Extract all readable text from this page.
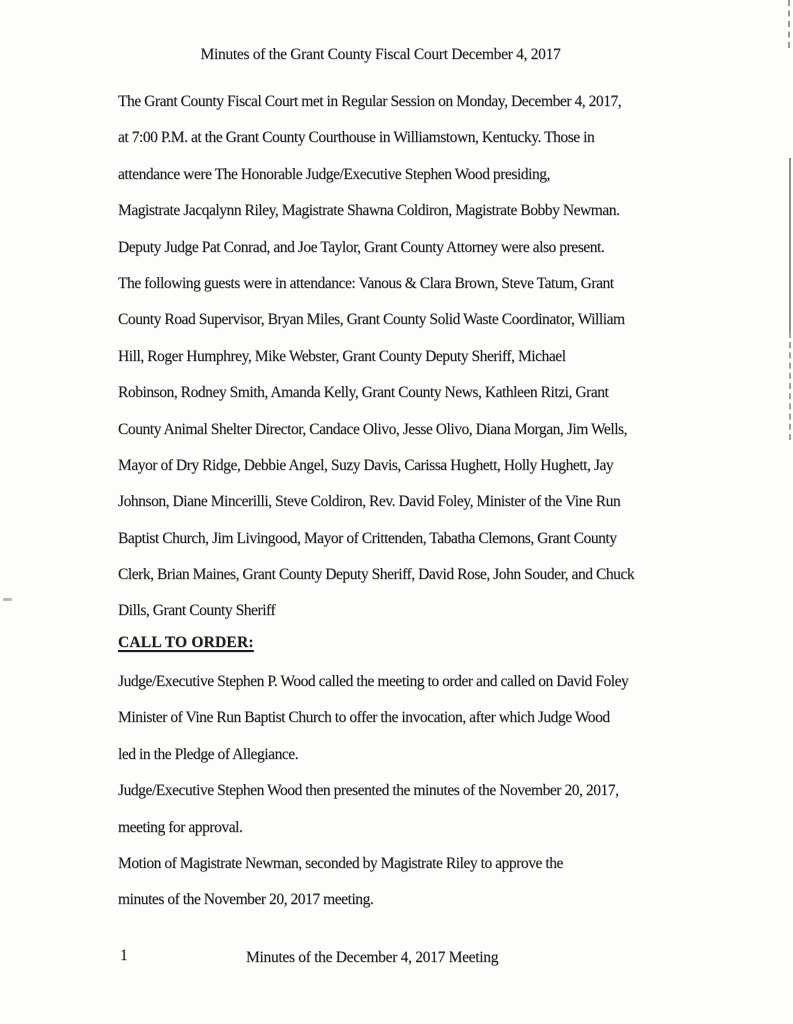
Minutes of the Grant County Fiscal Court December 4, 2017
The Grant County Fiscal Court met in Regular Session on Monday, December 4, 2017,
at 7:00 P.M. at the Grant County Courthouse in Williamstown, Kentucky. Those in
attendance were The Honorable Judge/Executive Stephen Wood presiding,
Magistrate Jacqalynn Riley, Magistrate Shawna Coldiron, Magistrate Bobby Newman.
Deputy Judge Pat Conrad, and Joe Taylor, Grant County Attorney were also present.
The following guests were in attendance: Vanous & Clara Brown, Steve Tatum, Grant
County Road Supervisor, Bryan Miles, Grant County Solid Waste Coordinator, William
Hill, Roger Humphrey, Mike Webster, Grant County Deputy Sheriff, Michael
Robinson, Rodney Smith, Amanda Kelly, Grant County News, Kathleen Ritzi, Grant
County Animal Shelter Director, Candace Olivo, Jesse Olivo, Diana Morgan, Jim Wells,
Mayor of Dry Ridge, Debbie Angel, Suzy Davis, Carissa Hughett, Holly Hughett, Jay
Johnson, Diane Mincerilli, Steve Coldiron, Rev. David Foley, Minister of the Vine Run
Baptist Church, Jim Livingood, Mayor of Crittenden, Tabatha Clemons, Grant County
Clerk, Brian Maines, Grant County Deputy Sheriff, David Rose, John Souder, and Chuck
Dills, Grant County Sheriff
CALL TO ORDER:
Judge/Executive Stephen P. Wood called the meeting to order and called on David Foley
Minister of Vine Run Baptist Church to offer the invocation, after which Judge Wood
led in the Pledge of Allegiance.
Judge/Executive Stephen Wood then presented the minutes of the November 20, 2017,
meeting for approval.
Motion of Magistrate Newman, seconded by Magistrate Riley to approve the
minutes of the November 20, 2017 meeting.
1	Minutes of the December 4, 2017 Meeting
